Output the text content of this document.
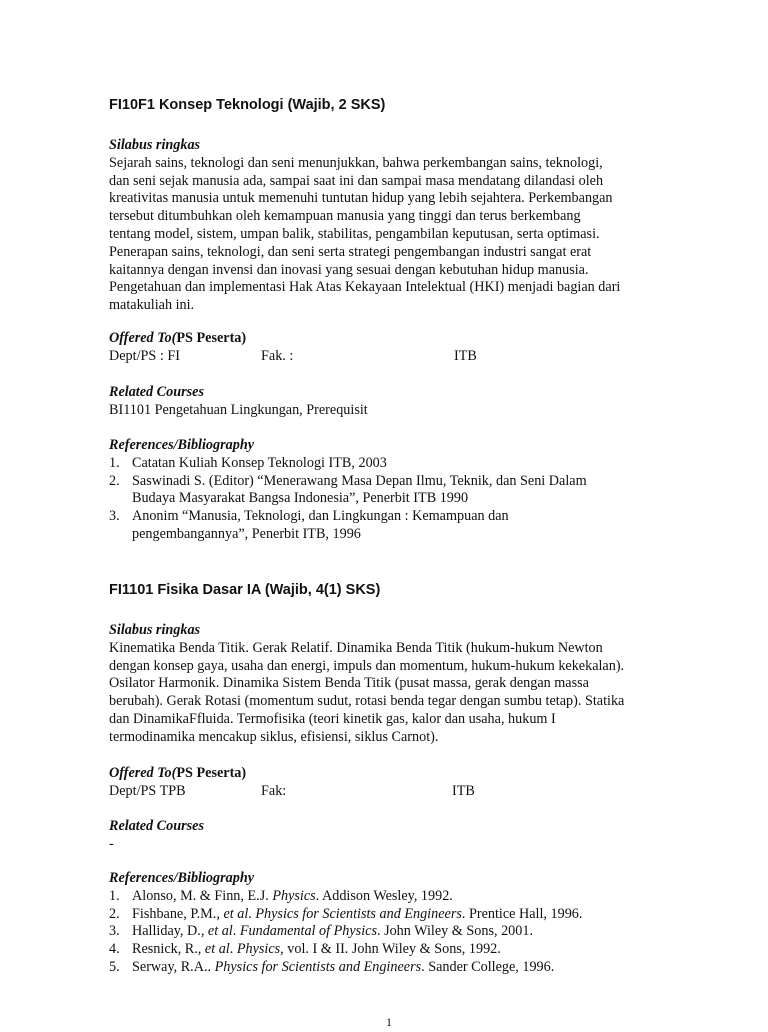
FI10F1 Konsep Teknologi (Wajib, 2 SKS)
Silabus ringkas
Sejarah sains, teknologi dan seni menunjukkan, bahwa perkembangan sains, teknologi,
dan seni sejak manusia ada, sampai saat ini dan sampai masa mendatang dilandasi oleh
kreativitas manusia untuk memenuhi tuntutan hidup yang lebih sejahtera. Perkembangan
tersebut ditumbuhkan oleh kemampuan manusia yang tinggi dan terus berkembang
tentang model, sistem, umpan balik, stabilitas, pengambilan keputusan, serta optimasi.
Penerapan sains, teknologi, dan seni serta strategi pengembangan industri sangat erat
kaitannya dengan invensi dan inovasi yang sesuai dengan kebutuhan hidup manusia.
Pengetahuan dan implementasi Hak Atas Kekayaan Intelektual (HKI) menjadi bagian dari
matakuliah ini.
Offered To(PS Peserta)
Dept/PS : FI	Fak. :	ITB
Related Courses
BI1101 Pengetahuan Lingkungan, Prerequisit
References/Bibliography
1. Catatan Kuliah Konsep Teknologi ITB, 2003
2. Saswinadi S. (Editor) “Menerawang Masa Depan Ilmu, Teknik, dan Seni Dalam
Budaya Masyarakat Bangsa Indonesia”, Penerbit ITB 1990
3. Anonim “Manusia, Teknologi, dan Lingkungan : Kemampuan dan
pengembangannya”, Penerbit ITB, 1996
FI1101 Fisika Dasar IA (Wajib, 4(1) SKS)
Silabus ringkas
Kinematika Benda Titik. Gerak Relatif. Dinamika Benda Titik (hukum-hukum Newton
dengan konsep gaya, usaha dan energi, impuls dan momentum, hukum-hukum kekekalan).
Osilator Harmonik. Dinamika Sistem Benda Titik (pusat massa, gerak dengan massa
berubah). Gerak Rotasi (momentum sudut, rotasi benda tegar dengan sumbu tetap). Statika
dan DinamikaFfluida. Termofisika (teori kinetik gas, kalor dan usaha, hukum I
termodinamika mencakup siklus, efisiensi, siklus Carnot).
Offered To(PS Peserta)
Dept/PS TPB	Fak:	ITB
Related Courses
-
References/Bibliography
1. Alonso, M. & Finn, E.J. Physics. Addison Wesley, 1992.
2. Fishbane, P.M., et al. Physics for Scientists and Engineers. Prentice Hall, 1996.
3. Halliday, D., et al. Fundamental of Physics. John Wiley & Sons, 2001.
4. Resnick, R., et al. Physics, vol. I & II. John Wiley & Sons, 1992.
5. Serway, R.A.. Physics for Scientists and Engineers. Sander College, 1996.
1
